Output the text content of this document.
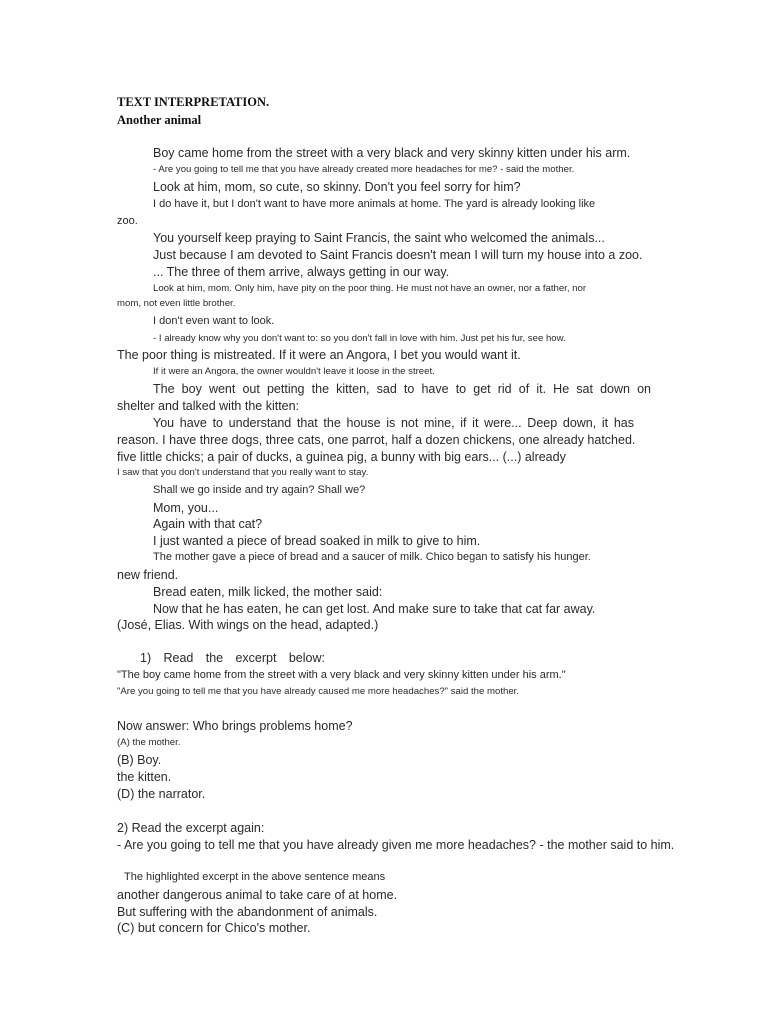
TEXT INTERPRETATION.

Another animal

Boy came home from the street with a very black and very skinny kitten under his arm.

- Are you going to tell me that you have already created more headaches for me? - said the mother.

Look at him, mom, so cute, so skinny. Don't you feel sorry for him?

I do have it, but I don't want to have more animals at home. The yard is already looking like

zoo.

You yourself keep praying to Saint Francis, the saint who welcomed the animals...

Just because I am devoted to Saint Francis doesn't mean I will turn my house into a zoo.

... The three of them arrive, always getting in our way.

Look at him, mom. Only him, have pity on the poor thing. He must not have an owner, nor a father, nor

mom, not even little brother.

I don't even want to look.

- I already know why you don't want to: so you don't fall in love with him. Just pet his fur, see how.

The poor thing is mistreated. If it were an Angora, I bet you would want it.

If it were an Angora, the owner wouldn't leave it loose in the street.

The boy went out petting the kitten, sad to have to get rid of it. He sat down on

shelter and talked with the kitten:

You have to understand that the house is not mine, if it were... Deep down, it has

reason. I have three dogs, three cats, one parrot, half a dozen chickens, one already hatched.

five little chicks; a pair of ducks, a guinea pig, a bunny with big ears... (...) already

I saw that you don't understand that you really want to stay.

Shall we go inside and try again? Shall we?

Mom, you...

Again with that cat?

I just wanted a piece of bread soaked in milk to give to him.

The mother gave a piece of bread and a saucer of milk. Chico began to satisfy his hunger.

new friend.

Bread eaten, milk licked, the mother said:

Now that he has eaten, he can get lost. And make sure to take that cat far away.

(José, Elias. With wings on the head, adapted.)

1) Read the excerpt below:

"The boy came home from the street with a very black and very skinny kitten under his arm."

"Are you going to tell me that you have already caused me more headaches?" said the mother.

Now answer: Who brings problems home?

(A) the mother.

(B) Boy.

the kitten.

(D) the narrator.

2) Read the excerpt again:

- Are you going to tell me that you have already given me more headaches? - the mother said to him.

The highlighted excerpt in the above sentence means

another dangerous animal to take care of at home.

But suffering with the abandonment of animals.

(C) but concern for Chico's mother.
